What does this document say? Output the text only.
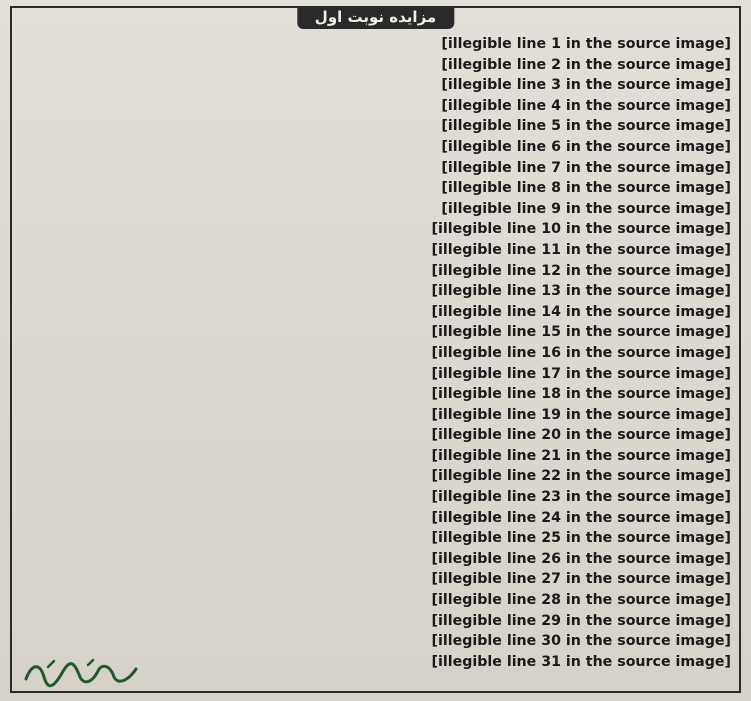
مزایده نوبت اول
[illegible line 1 in the source image]
[illegible line 2 in the source image]
[illegible line 3 in the source image]
[illegible line 4 in the source image]
[illegible line 5 in the source image]
[illegible line 6 in the source image]
[illegible line 7 in the source image]
[illegible line 8 in the source image]
[illegible line 9 in the source image]
[illegible line 10 in the source image]
[illegible line 11 in the source image]
[illegible line 12 in the source image]
[illegible line 13 in the source image]
[illegible line 14 in the source image]
[illegible line 15 in the source image]
[illegible line 16 in the source image]
[illegible line 17 in the source image]
[illegible line 18 in the source image]
[illegible line 19 in the source image]
[illegible line 20 in the source image]
[illegible line 21 in the source image]
[illegible line 22 in the source image]
[illegible line 23 in the source image]
[illegible line 24 in the source image]
[illegible line 25 in the source image]
[illegible line 26 in the source image]
[illegible line 27 in the source image]
[illegible line 28 in the source image]
[illegible line 29 in the source image]
[illegible line 30 in the source image]
[illegible line 31 in the source image]
